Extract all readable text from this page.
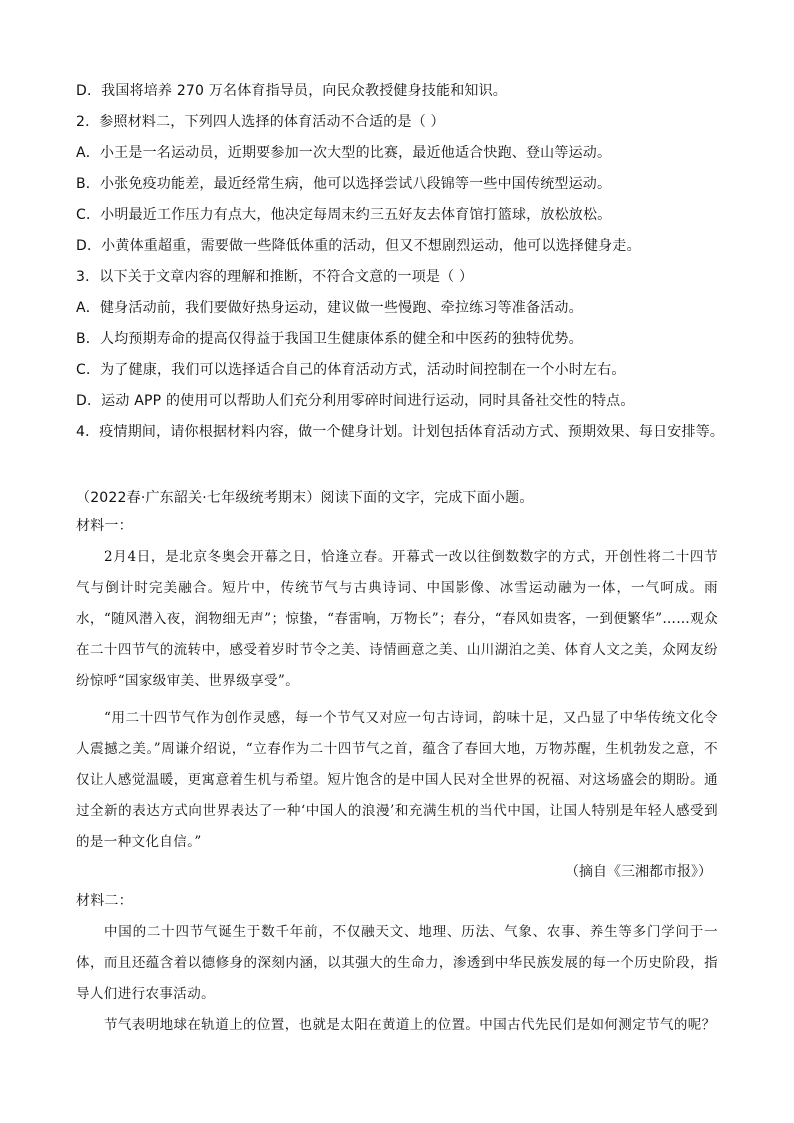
D．我国将培养 270 万名体育指导员，向民众教授健身技能和知识。
2．参照材料二，下列四人选择的体育活动不合适的是（ ）
A．小王是一名运动员，近期要参加一次大型的比赛，最近他适合快跑、登山等运动。
B．小张免疫功能差，最近经常生病，他可以选择尝试八段锦等一些中国传统型运动。
C．小明最近工作压力有点大，他决定每周末约三五好友去体育馆打篮球，放松放松。
D．小黄体重超重，需要做一些降低体重的活动，但又不想剧烈运动，他可以选择健身走。
3．以下关于文章内容的理解和推断，不符合文意的一项是（ ）
A．健身活动前，我们要做好热身运动，建议做一些慢跑、牵拉练习等准备活动。
B．人均预期寿命的提高仅得益于我国卫生健康体系的健全和中医药的独特优势。
C．为了健康，我们可以选择适合自己的体育活动方式，活动时间控制在一个小时左右。
D．运动 APP 的使用可以帮助人们充分利用零碎时间进行运动，同时具备社交性的特点。
4．疫情期间，请你根据材料内容，做一个健身计划。计划包括体育活动方式、预期效果、每日安排等。
（2022春·广东韶关·七年级统考期末）阅读下面的文字，完成下面小题。
材料一：
2月4日，是北京冬奥会开幕之日，恰逢立春。开幕式一改以往倒数数字的方式，开创性将二十四节气与倒计时完美融合。短片中，传统节气与古典诗词、中国影像、冰雪运动融为一体，一气呵成。雨水，“随风潜入夜，润物细无声”；惊蛰，“春雷响，万物长”；春分，“春风如贵客，一到便繁华”……观众在二十四节气的流转中，感受着岁时节令之美、诗情画意之美、山川湖泊之美、体育人文之美，众网友纷纷惊呼“国家级审美、世界级享受”。
“用二十四节气作为创作灵感，每一个节气又对应一句古诗词，韵味十足，又凸显了中华传统文化令人震撼之美。”周谦介绍说，“立春作为二十四节气之首，蕴含了春回大地，万物苏醒，生机勃发之意，不仅让人感觉温暖，更寓意着生机与希望。短片饱含的是中国人民对全世界的祝福、对这场盛会的期盼。通过全新的表达方式向世界表达了一种‘中国人的浪漫’和充满生机的当代中国，让国人特别是年轻人感受到的是一种文化自信。”
（摘自《三湘都市报》）
材料二：
中国的二十四节气诞生于数千年前，不仅融天文、地理、历法、气象、农事、养生等多门学问于一体，而且还蕴含着以德修身的深刻内涵，以其强大的生命力，渗透到中华民族发展的每一个历史阶段，指导人们进行农事活动。
节气表明地球在轨道上的位置，也就是太阳在黄道上的位置。中国古代先民们是如何测定节气的呢？
